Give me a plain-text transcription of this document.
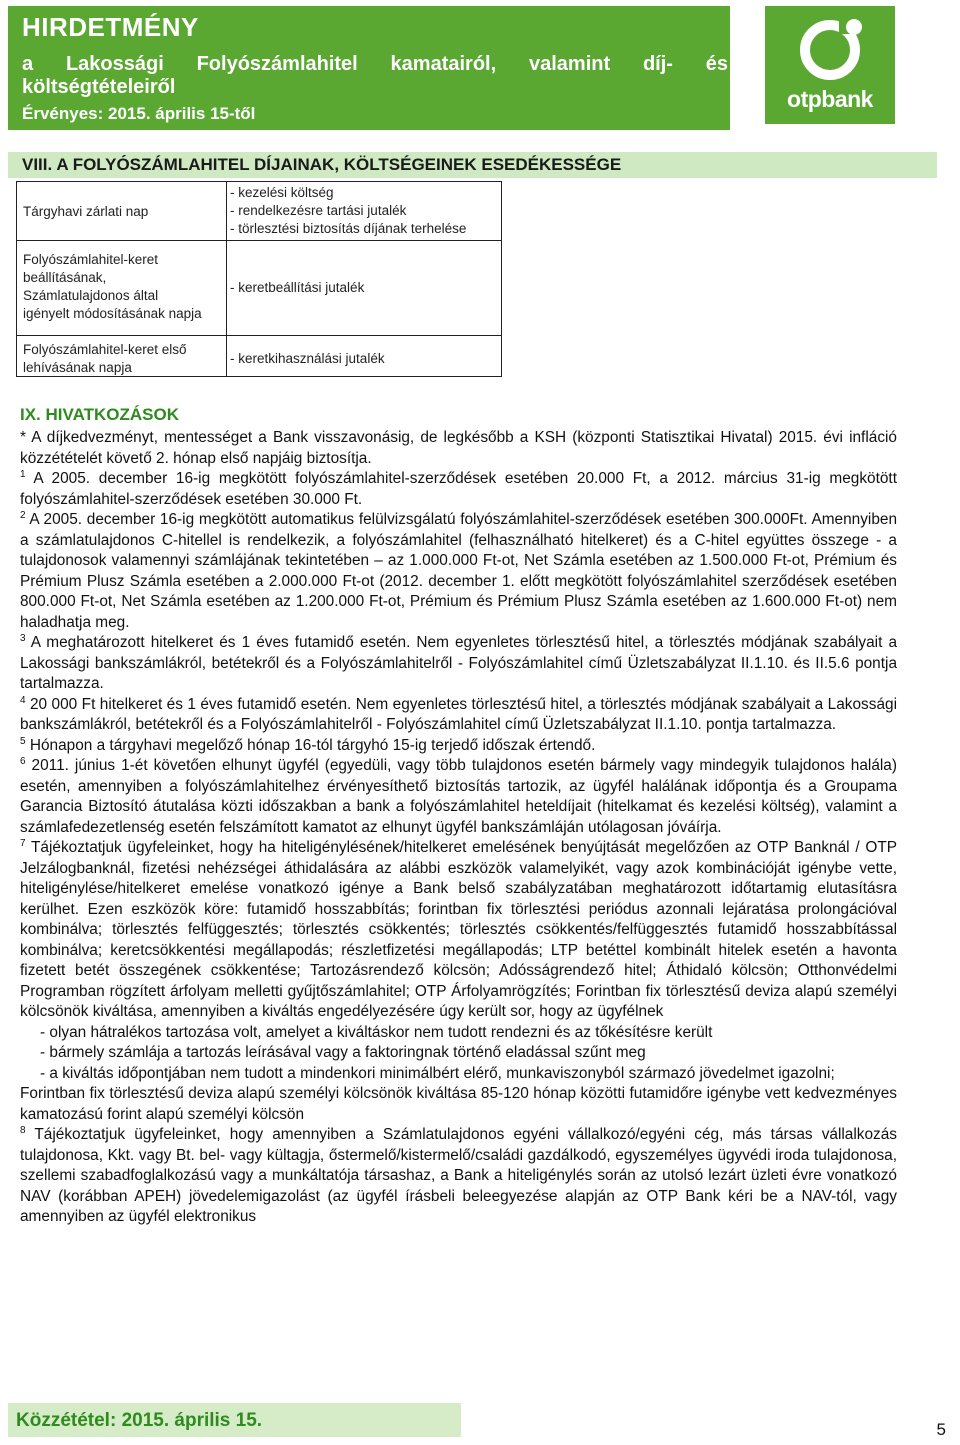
HIRDETMÉNY
a Lakossági Folyószámlahitel kamatairól, valamint díj- és
költségtételeiről
Érvényes: 2015. április 15-től
otpbank
VIII. A FOLYÓSZÁMLAHITEL DÍJAINAK, KÖLTSÉGEINEK ESEDÉKESSÉGE
Tárgyhavi zárlati nap
- kezelési költség
- rendelkezésre tartási jutalék
- törlesztési biztosítás díjának terhelése
Folyószámlahitel-keret
beállításának,
Számlatulajdonos által
igényelt módosításának napja
- keretbeállítási jutalék
Folyószámlahitel-keret első
lehívásának napja
- keretkihasználási jutalék
IX. HIVATKOZÁSOK

* A díjkedvezményt, mentességet a Bank visszavonásig, de legkésőbb a KSH (központi Statisztikai Hivatal) 2015. évi infláció közzétételét követő 2. hónap első napjáig biztosítja.

$^1$ A 2005. december 16-ig megkötött folyószámlahitel-szerződések esetében 20.000 Ft, a 2012. március 31-ig megkötött folyószámlahitel-szerződések esetében 30.000 Ft.

$^2$ A 2005. december 16-ig megkötött automatikus felülvizsgálatú folyószámlahitel-szerződések esetében 300.000Ft. Amennyiben a számlatulajdonos C-hitellel is rendelkezik, a folyószámlahitel (felhasználható hitelkeret) és a C-hitel együttes összege - a tulajdonosok valamennyi számlájának tekintetében – az 1.000.000 Ft-ot, Net Számla esetében az 1.500.000 Ft-ot, Prémium és Prémium Plusz Számla esetében a 2.000.000 Ft-ot (2012. december 1. előtt megkötött folyószámlahitel szerződések esetében 800.000 Ft-ot, Net Számla esetében az 1.200.000 Ft-ot, Prémium és Prémium Plusz Számla esetében az 1.600.000 Ft-ot) nem haladhatja meg.

$^3$ A meghatározott hitelkeret és 1 éves futamidő esetén. Nem egyenletes törlesztésű hitel, a törlesztés módjának szabályait a Lakossági bankszámlákról, betétekről és a Folyószámlahitelről - Folyószámlahitel című Üzletszabályzat II.1.10. és II.5.6 pontja tartalmazza.

$^4$ 20 000 Ft hitelkeret és 1 éves futamidő esetén. Nem egyenletes törlesztésű hitel, a törlesztés módjának szabályait a Lakossági bankszámlákról, betétekről és a Folyószámlahitelről - Folyószámlahitel című Üzletszabályzat II.1.10. pontja tartalmazza.

$^5$ Hónapon a tárgyhavi megelőző hónap 16-tól tárgyhó 15-ig terjedő időszak értendő.

$^6$ 2011. június 1-ét követően elhunyt ügyfél (egyedüli, vagy több tulajdonos esetén bármely vagy mindegyik tulajdonos halála) esetén, amennyiben a folyószámlahitelhez érvényesíthető biztosítás tartozik, az ügyfél halálának időpontja és a Groupama Garancia Biztosító átutalása közti időszakban a bank a folyószámlahitel heteldíjait (hitelkamat és kezelési költség), valamint a számlafedezetlenség esetén felszámított kamatot az elhunyt ügyfél bankszámláján utólagosan jóváírja.

$^7$ Tájékoztatjuk ügyfeleinket, hogy ha hiteligénylésének/hitelkeret emelésének benyújtását megelőzően az OTP Banknál / OTP Jelzálogbanknál, fizetési nehézségei áthidalására az alábbi eszközök valamelyikét, vagy azok kombinációját igénybe vette, hiteligénylése/hitelkeret emelése vonatkozó igénye a Bank belső szabályzatában meghatározott időtartamig elutasításra kerülhet. Ezen eszközök köre: futamidő hosszabbítás; forintban fix törlesztési periódus azonnali lejáratása prolongációval kombinálva; törlesztés felfüggesztés; törlesztés csökkentés; törlesztés csökkentés/felfüggesztés futamidő hosszabbítással kombinálva; keretcsökkentési megállapodás; részletfizetési megállapodás; LTP betéttel kombinált hitelek esetén a havonta fizetett betét összegének csökkentése; Tartozásrendező kölcsön; Adósságrendező hitel; Áthidaló kölcsön; Otthonvédelmi Programban rögzített árfolyam melletti gyűjtőszámlahitel; OTP Árfolyamrögzítés; Forintban fix törlesztésű deviza alapú személyi kölcsönök kiváltása, amennyiben a kiváltás engedélyezésére úgy került sor, hogy az ügyfélnek

- olyan hátralékos tartozása volt, amelyet a kiváltáskor nem tudott rendezni és az tőkésítésre került

- bármely számlája a tartozás leírásával vagy a faktoringnak történő eladással szűnt meg

- a kiváltás időpontjában nem tudott a mindenkori minimálbért elérő, munkaviszonyból származó jövedelmet igazolni;

Forintban fix törlesztésű deviza alapú személyi kölcsönök kiváltása 85-120 hónap közötti futamidőre igénybe vett kedvezményes kamatozású forint alapú személyi kölcsön

$^8$ Tájékoztatjuk ügyfeleinket, hogy amennyiben a Számlatulajdonos egyéni vállalkozó/egyéni cég, más társas vállalkozás tulajdonosa, Kkt. vagy Bt. bel- vagy kültagja, őstermelő/kistermelő/családi gazdálkodó, egyszemélyes ügyvédi iroda tulajdonosa, szellemi szabadfoglalkozású vagy a munkáltatója társashaz, a Bank a hiteligénylés során az utolsó lezárt üzleti évre vonatkozó NAV (korábban APEH) jövedelemigazolást (az ügyfél írásbeli beleegyezése alapján az OTP Bank kéri be a NAV-tól, vagy amennyiben az ügyfél elektronikus

Közzététel: 2015. április 15.	5
